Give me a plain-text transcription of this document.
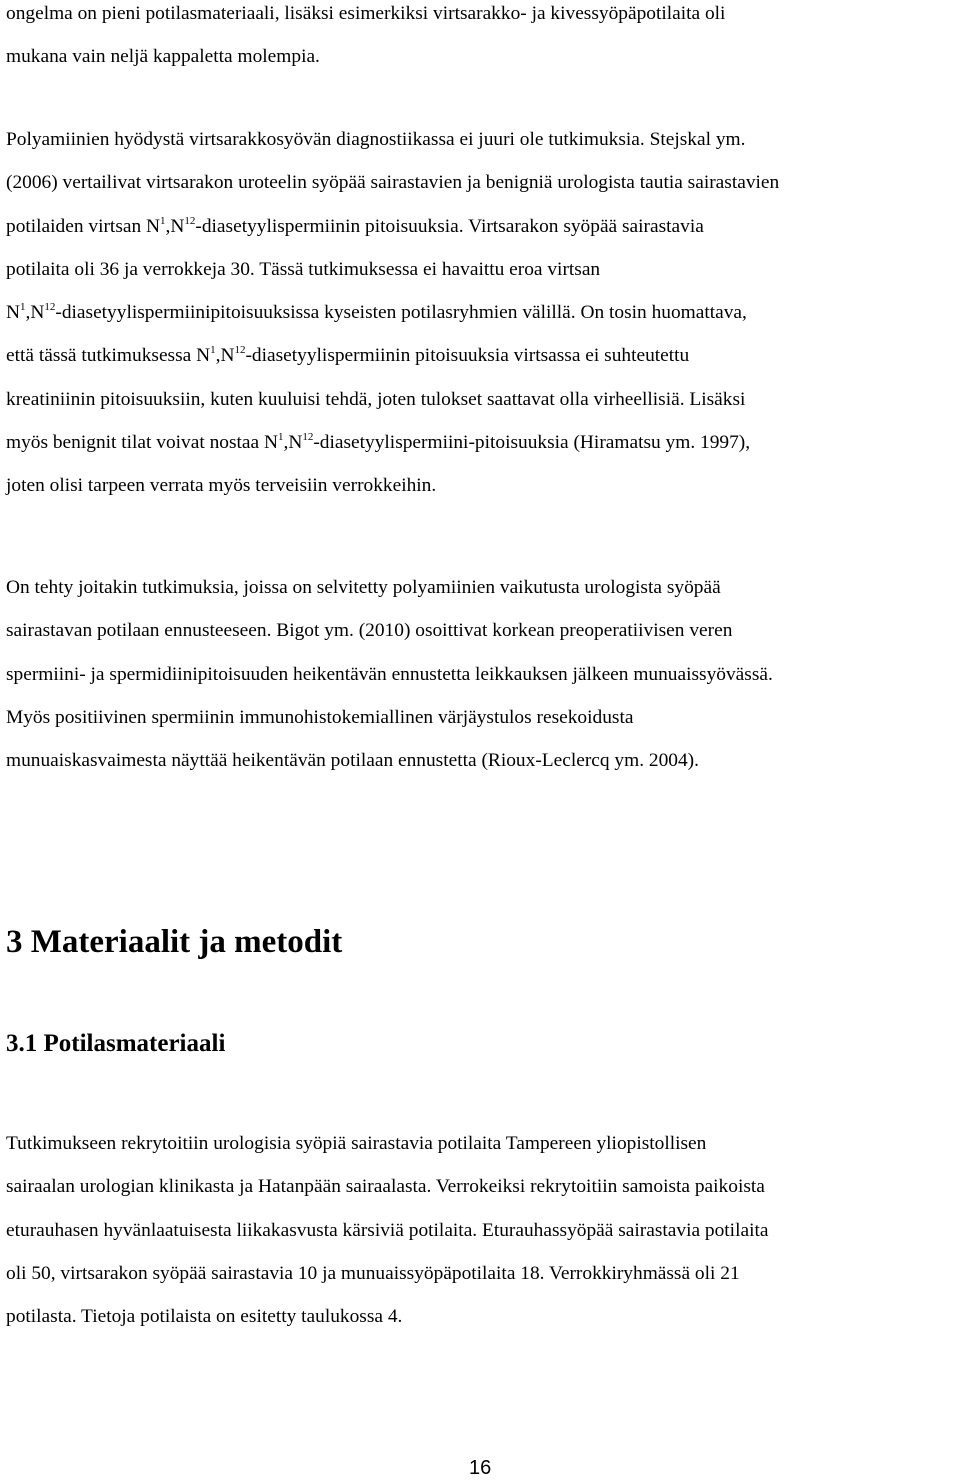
ongelma on pieni potilasmateriaali, lisäksi esimerkiksi virtsarakko- ja kivessyöpäpotilaita oli
mukana vain neljä kappaletta molempia.

Polyamiinien hyödystä virtsarakkosyövän diagnostiikassa ei juuri ole tutkimuksia. Stejskal ym.
(2006) vertailivat virtsarakon uroteelin syöpää sairastavien ja benigniä urologista tautia sairastavien
potilaiden virtsan $N^1,N^{12}$-diasetyylispermiinin pitoisuuksia. Virtsarakon syöpää sairastavia
potilaita oli 36 ja verrokkeja 30. Tässä tutkimuksessa ei havaittu eroa virtsan
$N^1,N^{12}$-diasetyylispermiinipitoisuuksissa kyseisten potilasryhmien välillä. On tosin huomattava,
että tässä tutkimuksessa $N^1,N^{12}$-diasetyylispermiinin pitoisuuksia virtsassa ei suhteutettu
kreatiniinin pitoisuuksiin, kuten kuuluisi tehdä, joten tulokset saattavat olla virheellisiä. Lisäksi
myös benignit tilat voivat nostaa $N^1,N^{12}-diasetyylispermiini$-pitoisuuksia (Hiramatsu ym. 1997),
joten olisi tarpeen verrata myös terveisiin verrokkeihin.

On tehty joitakin tutkimuksia, joissa on selvitetty polyamiinien vaikutusta urologista syöpää
sairastavan potilaan ennusteeseen. Bigot ym. (2010) osoittivat korkean preoperatiivisen veren
spermiini- ja spermidiinipitoisuuden heikentävän ennustetta leikkauksen jälkeen munuaissyövässä.
Myös positiivinen spermiinin immunohistokemiallinen värjäystulos resekoidusta
munuaiskasvaimesta näyttää heikentävän potilaan ennustetta (Rioux-Leclercq ym. 2004).

3 Materiaalit ja metodit
3.1 Potilasmateriaali

Tutkimukseen rekrytoitiin urologisia syöpiä sairastavia potilaita Tampereen yliopistollisen
sairaalan urologian klinikasta ja Hatanpään sairaalasta. Verrokeiksi rekrytoitiin samoista paikoista
eturauhasen hyvänlaatuisesta liikakasvusta kärsiviä potilaita. Eturauhassyöpää sairastavia potilaita
oli 50, virtsarakon syöpää sairastavia 10 ja munuaissyöpäpotilaita 18. Verrokkiryhmässä oli 21
potilasta. Tietoja potilaista on esitetty taulukossa 4.

16
